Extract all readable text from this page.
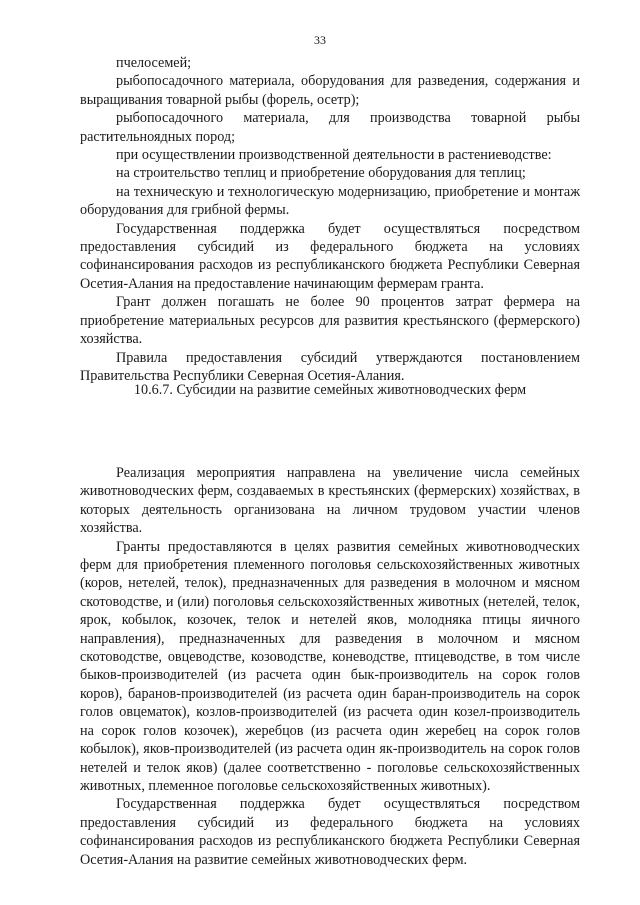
33

пчелосемей;

рыбопосадочного материала, оборудования для разведения, содержания и выращивания товарной рыбы (форель, осетр);

рыбопосадочного материала, для производства товарной рыбы растительноядных пород;

при осуществлении производственной деятельности в растениеводстве:

на строительство теплиц и приобретение оборудования для теплиц;

на техническую и технологическую модернизацию, приобретение и монтаж оборудования для грибной фермы.

Государственная поддержка будет осуществляться посредством предоставления субсидий из федерального бюджета на условиях софинансирования расходов из республиканского бюджета Республики Северная Осетия-Алания на предоставление начинающим фермерам гранта.

Грант должен погашать не более 90 процентов затрат фермера на приобретение материальных ресурсов для развития крестьянского (фермерского) хозяйства.

Правила предоставления субсидий утверждаются постановлением Правительства Республики Северная Осетия-Алания.

10.6.7. Субсидии на развитие семейных животноводческих ферм

Реализация мероприятия направлена на увеличение числа семейных животноводческих ферм, создаваемых в крестьянских (фермерских) хозяйствах, в которых деятельность организована на личном трудовом участии членов хозяйства.

Гранты предоставляются в целях развития семейных животноводческих ферм для приобретения племенного поголовья сельскохозяйственных животных (коров, нетелей, телок), предназначенных для разведения в молочном и мясном скотоводстве, и (или) поголовья сельскохозяйственных животных (нетелей, телок, ярок, кобылок, козочек, телок и нетелей яков, молодняка птицы яичного направления), предназначенных для разведения в молочном и мясном скотоводстве, овцеводстве, козоводстве, коневодстве, птицеводстве, в том числе быков-производителей (из расчета один бык-производитель на сорок голов коров), баранов-производителей (из расчета один баран-производитель на сорок голов овцематок), козлов-производителей (из расчета один козел-производитель на сорок голов козочек), жеребцов (из расчета один жеребец на сорок голов кобылок), яков-производителей (из расчета один як-производитель на сорок голов нетелей и телок яков) (далее соответственно - поголовье сельскохозяйственных животных, племенное поголовье сельскохозяйственных животных).

Государственная поддержка будет осуществляться посредством предоставления субсидий из федерального бюджета на условиях софинансирования расходов из республиканского бюджета Республики Северная Осетия-Алания на развитие семейных животноводческих ферм.
